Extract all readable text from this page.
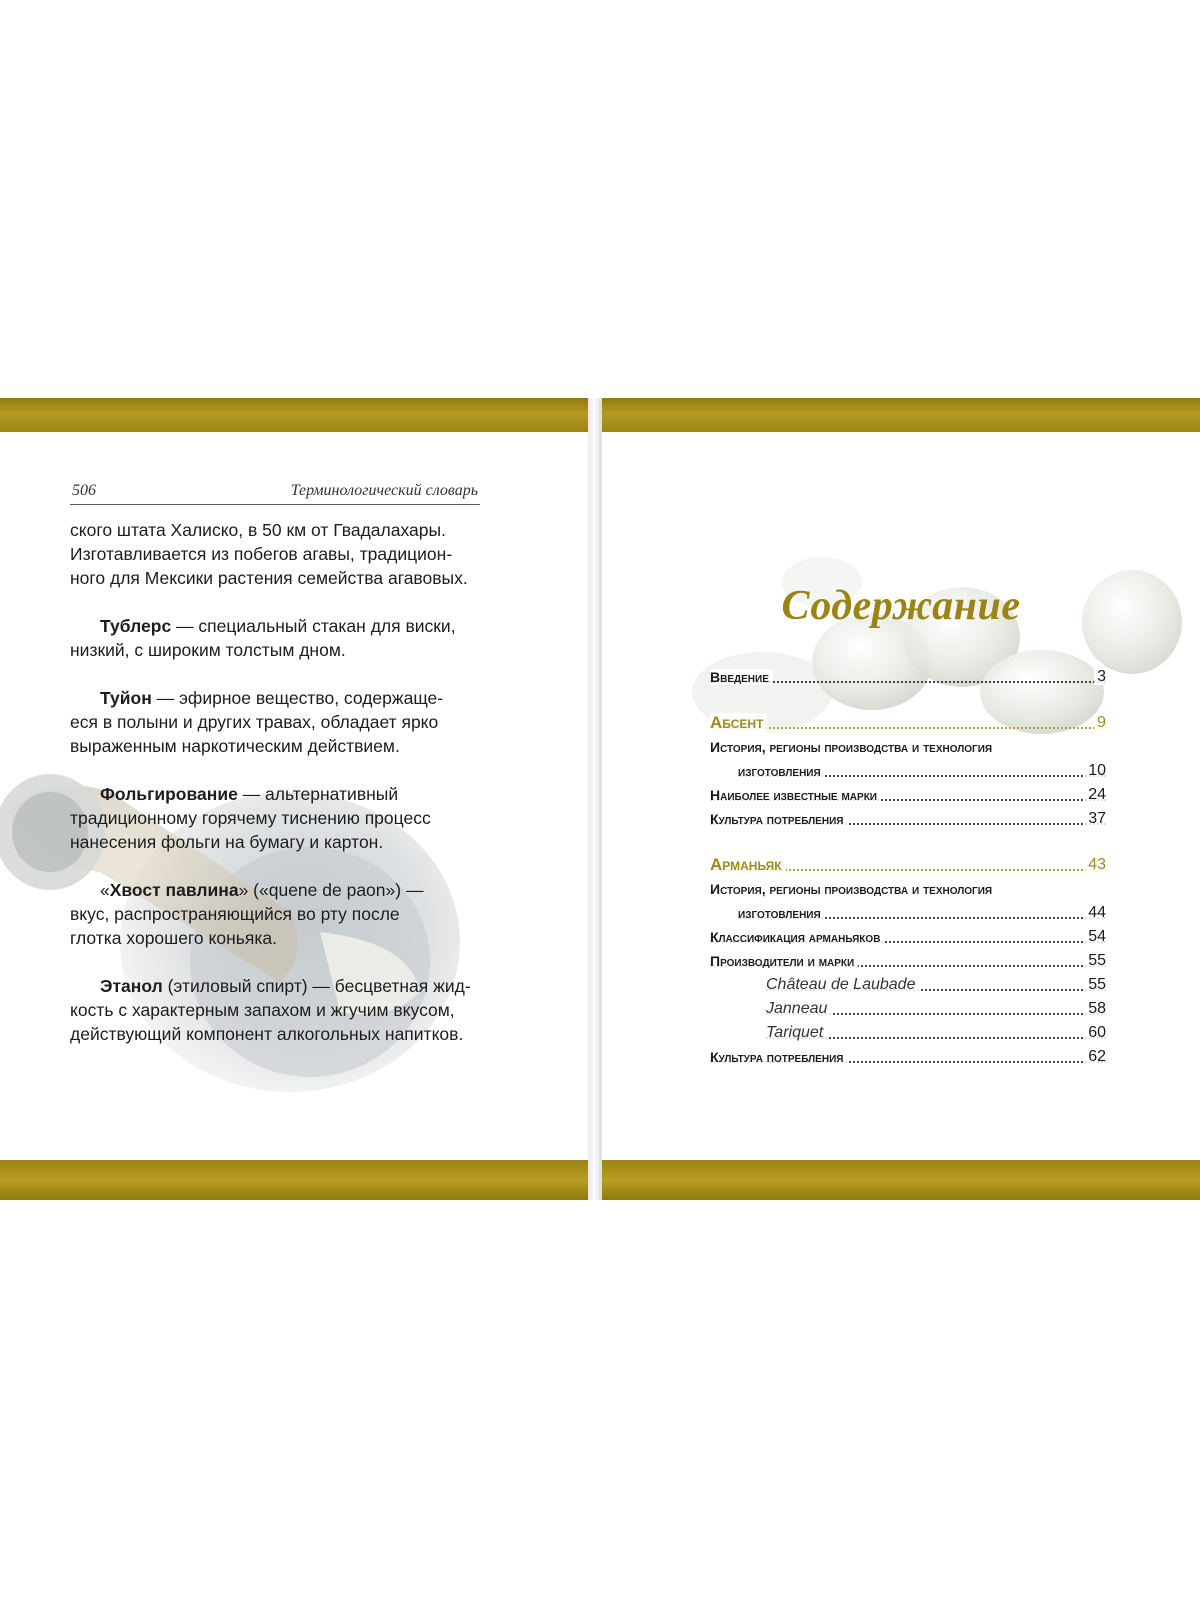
506	Терминологический словарь

ского штата Халиско, в 50 км от Гвадалахары.

Изготавливается из побегов агавы, традицион-

ного для Мексики растения семейства агавовых.

Тублерс — специальный стакан для виски,

низкий, с широким толстым дном.

Туйон — эфирное вещество, содержаще-

еся в полыни и других травах, обладает ярко

выраженным наркотическим действием.

Фольгирование — альтернативный

традиционному горячему тиснению процесс

нанесения фольги на бумагу и картон.

«Хвост павлина» («quene de paon») —

вкус, распространяющийся во рту после

глотка хорошего коньяка.

Этанол (этиловый спирт) — бесцветная жид-

кость с характерным запахом и жгучим вкусом,

действующий компонент алкогольных напитков.

Содержание
Введение	3
Абсент	9
История, регионы производства и технология
изготовления	10
Наиболее известные марки	24
Культура потребления	37
Арманьяк	43
История, регионы производства и технология
изготовления	44
Классификация арманьяков	54
Производители и марки	55
Château de Laubade	55
Janneau	58
Tariquet	60
Культура потребления	62
